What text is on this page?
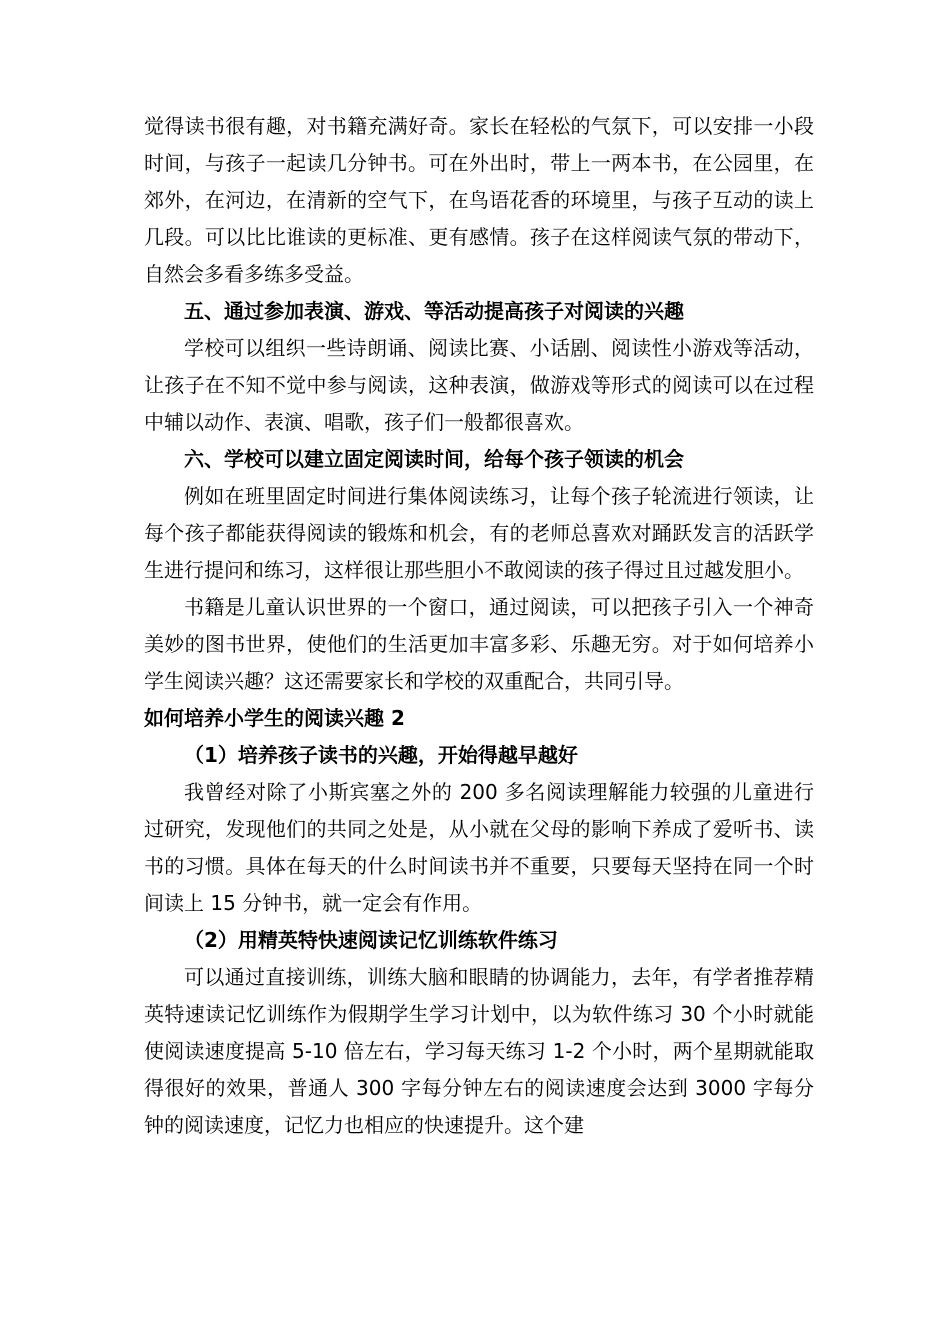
觉得读书很有趣，对书籍充满好奇。家长在轻松的气氛下，可以安排一小段时间，与孩子一起读几分钟书。可在外出时，带上一两本书，在公园里，在郊外，在河边，在清新的空气下，在鸟语花香的环境里，与孩子互动的读上几段。可以比比谁读的更标准、更有感情。孩子在这样阅读气氛的带动下，自然会多看多练多受益。

五、通过参加表演、游戏、等活动提高孩子对阅读的兴趣

学校可以组织一些诗朗诵、阅读比赛、小话剧、阅读性小游戏等活动，让孩子在不知不觉中参与阅读，这种表演，做游戏等形式的阅读可以在过程中辅以动作、表演、唱歌，孩子们一般都很喜欢。

六、学校可以建立固定阅读时间，给每个孩子领读的机会

例如在班里固定时间进行集体阅读练习，让每个孩子轮流进行领读，让每个孩子都能获得阅读的锻炼和机会，有的老师总喜欢对踊跃发言的活跃学生进行提问和练习，这样很让那些胆小不敢阅读的孩子得过且过越发胆小。

书籍是儿童认识世界的一个窗口，通过阅读，可以把孩子引入一个神奇美妙的图书世界，使他们的生活更加丰富多彩、乐趣无穷。对于如何培养小学生阅读兴趣？这还需要家长和学校的双重配合，共同引导。

如何培养小学生的阅读兴趣 2

（1）培养孩子读书的兴趣，开始得越早越好

我曾经对除了小斯宾塞之外的 200 多名阅读理解能力较强的儿童进行过研究，发现他们的共同之处是，从小就在父母的影响下养成了爱听书、读书的习惯。具体在每天的什么时间读书并不重要，只要每天坚持在同一个时间读上 15 分钟书，就一定会有作用。

（2）用精英特快速阅读记忆训练软件练习

可以通过直接训练，训练大脑和眼睛的协调能力，去年，有学者推荐精英特速读记忆训练作为假期学生学习计划中，以为软件练习 30 个小时就能使阅读速度提高 5-10 倍左右，学习每天练习 1-2 个小时，两个星期就能取得很好的效果，普通人 300 字每分钟左右的阅读速度会达到 3000 字每分钟的阅读速度，记忆力也相应的快速提升。这个建
